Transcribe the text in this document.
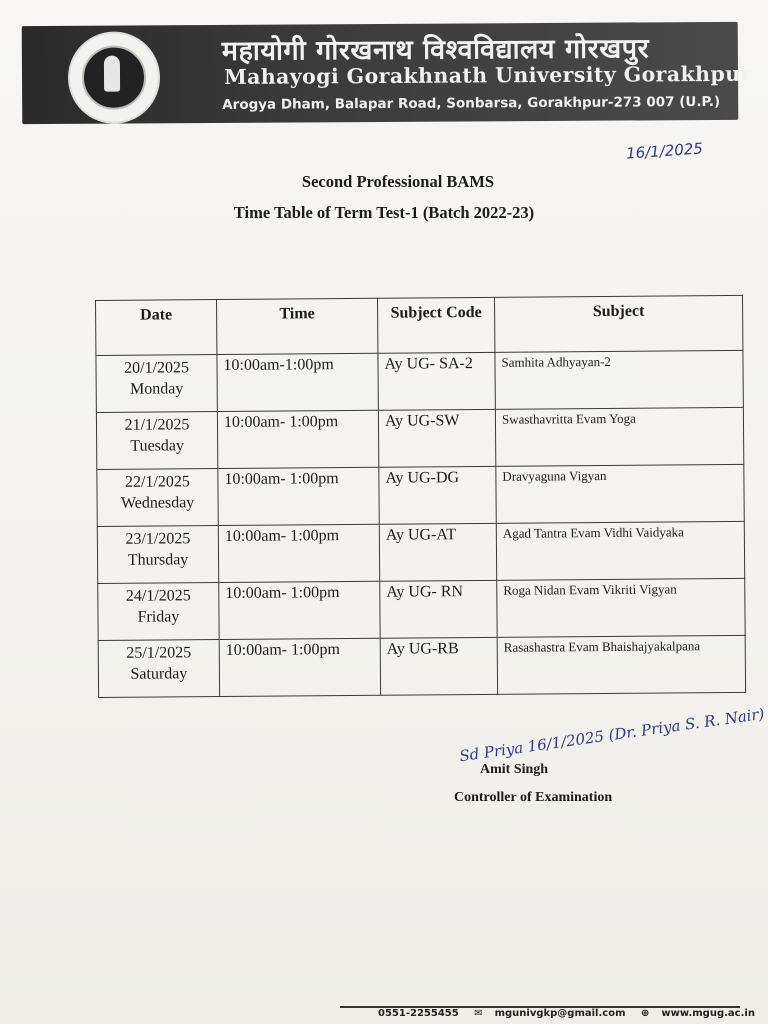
महायोगी गोरखनाथ विश्वविद्यालय गोरखपुर
Mahayogi Gorakhnath University Gorakhpur
Arogya Dham, Balapar Road, Sonbarsa, Gorakhpur-273 007 (U.P.)
16/1/2025
Second Professional BAMS
Time Table of Term Test-1 (Batch 2022-23)
Date	Time	Subject Code	Subject

20/1/2025
Monday	10:00am-1:00pm	Ay UG- SA-2	Samhita Adhyayan-2

21/1/2025
Tuesday	10:00am- 1:00pm	Ay UG-SW	Swasthavritta Evam Yoga

22/1/2025
Wednesday	10:00am- 1:00pm	Ay UG-DG	Dravyaguna Vigyan

23/1/2025
Thursday	10:00am- 1:00pm	Ay UG-AT	Agad Tantra Evam Vidhi Vaidyaka

24/1/2025
Friday	10:00am- 1:00pm	Ay UG- RN	Roga Nidan Evam Vikriti Vigyan

25/1/2025
Saturday	10:00am- 1:00pm	Ay UG-RB	Rasashastra Evam Bhaishajyakalpana
Sd Priya 16/1/2025 (Dr. Priya S. R. Nair)
Amit Singh
Controller of Examination
0551-2255455 ✉ mgunivgkp@gmail.com ⊕ www.mgug.ac.in
